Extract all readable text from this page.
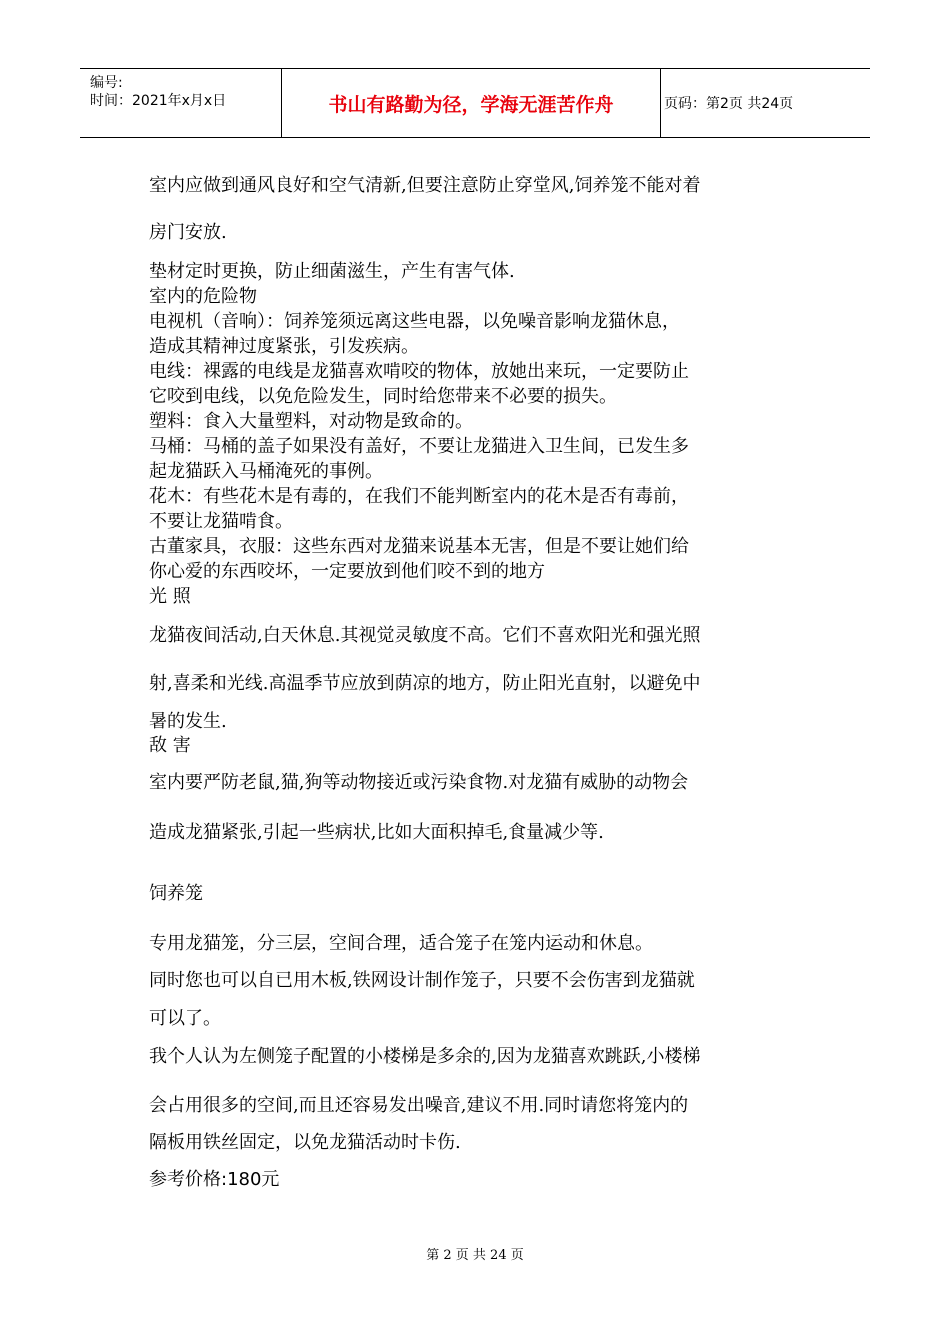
编号:
时间：2021年x月x日	书山有路勤为径，学海无涯苦作舟	页码：第2页 共24页
室内应做到通风良好和空气清新,但要注意防止穿堂风,饲养笼不能对着
房门安放.
垫材定时更换，防止细菌滋生，产生有害气体.
室内的危险物
电视机（音响）：饲养笼须远离这些电器，以免噪音影响龙猫休息，
造成其精神过度紧张，引发疾病。
电线：裸露的电线是龙猫喜欢啃咬的物体，放她出来玩，一定要防止
它咬到电线，以免危险发生，同时给您带来不必要的损失。
塑料：食入大量塑料，对动物是致命的。
马桶：马桶的盖子如果没有盖好，不要让龙猫进入卫生间，已发生多
起龙猫跃入马桶淹死的事例。
花木：有些花木是有毒的，在我们不能判断室内的花木是否有毒前，
不要让龙猫啃食。
古董家具，衣服：这些东西对龙猫来说基本无害，但是不要让她们给
你心爱的东西咬坏，一定要放到他们咬不到的地方
光 照
龙猫夜间活动,白天休息.其视觉灵敏度不高。它们不喜欢阳光和强光照
射,喜柔和光线.高温季节应放到荫凉的地方，防止阳光直射，以避免中
暑的发生.
敌 害
室内要严防老鼠,猫,狗等动物接近或污染食物.对龙猫有威胁的动物会
造成龙猫紧张,引起一些病状,比如大面积掉毛,食量减少等.
饲养笼
专用龙猫笼，分三层，空间合理，适合笼子在笼内运动和休息。
同时您也可以自已用木板,铁网设计制作笼子，只要不会伤害到龙猫就
可以了。
我个人认为左侧笼子配置的小楼梯是多余的,因为龙猫喜欢跳跃,小楼梯
会占用很多的空间,而且还容易发出噪音,建议不用.同时请您将笼内的
隔板用铁丝固定，以免龙猫活动时卡伤.
参考价格:180元
第 2 页 共 24 页
